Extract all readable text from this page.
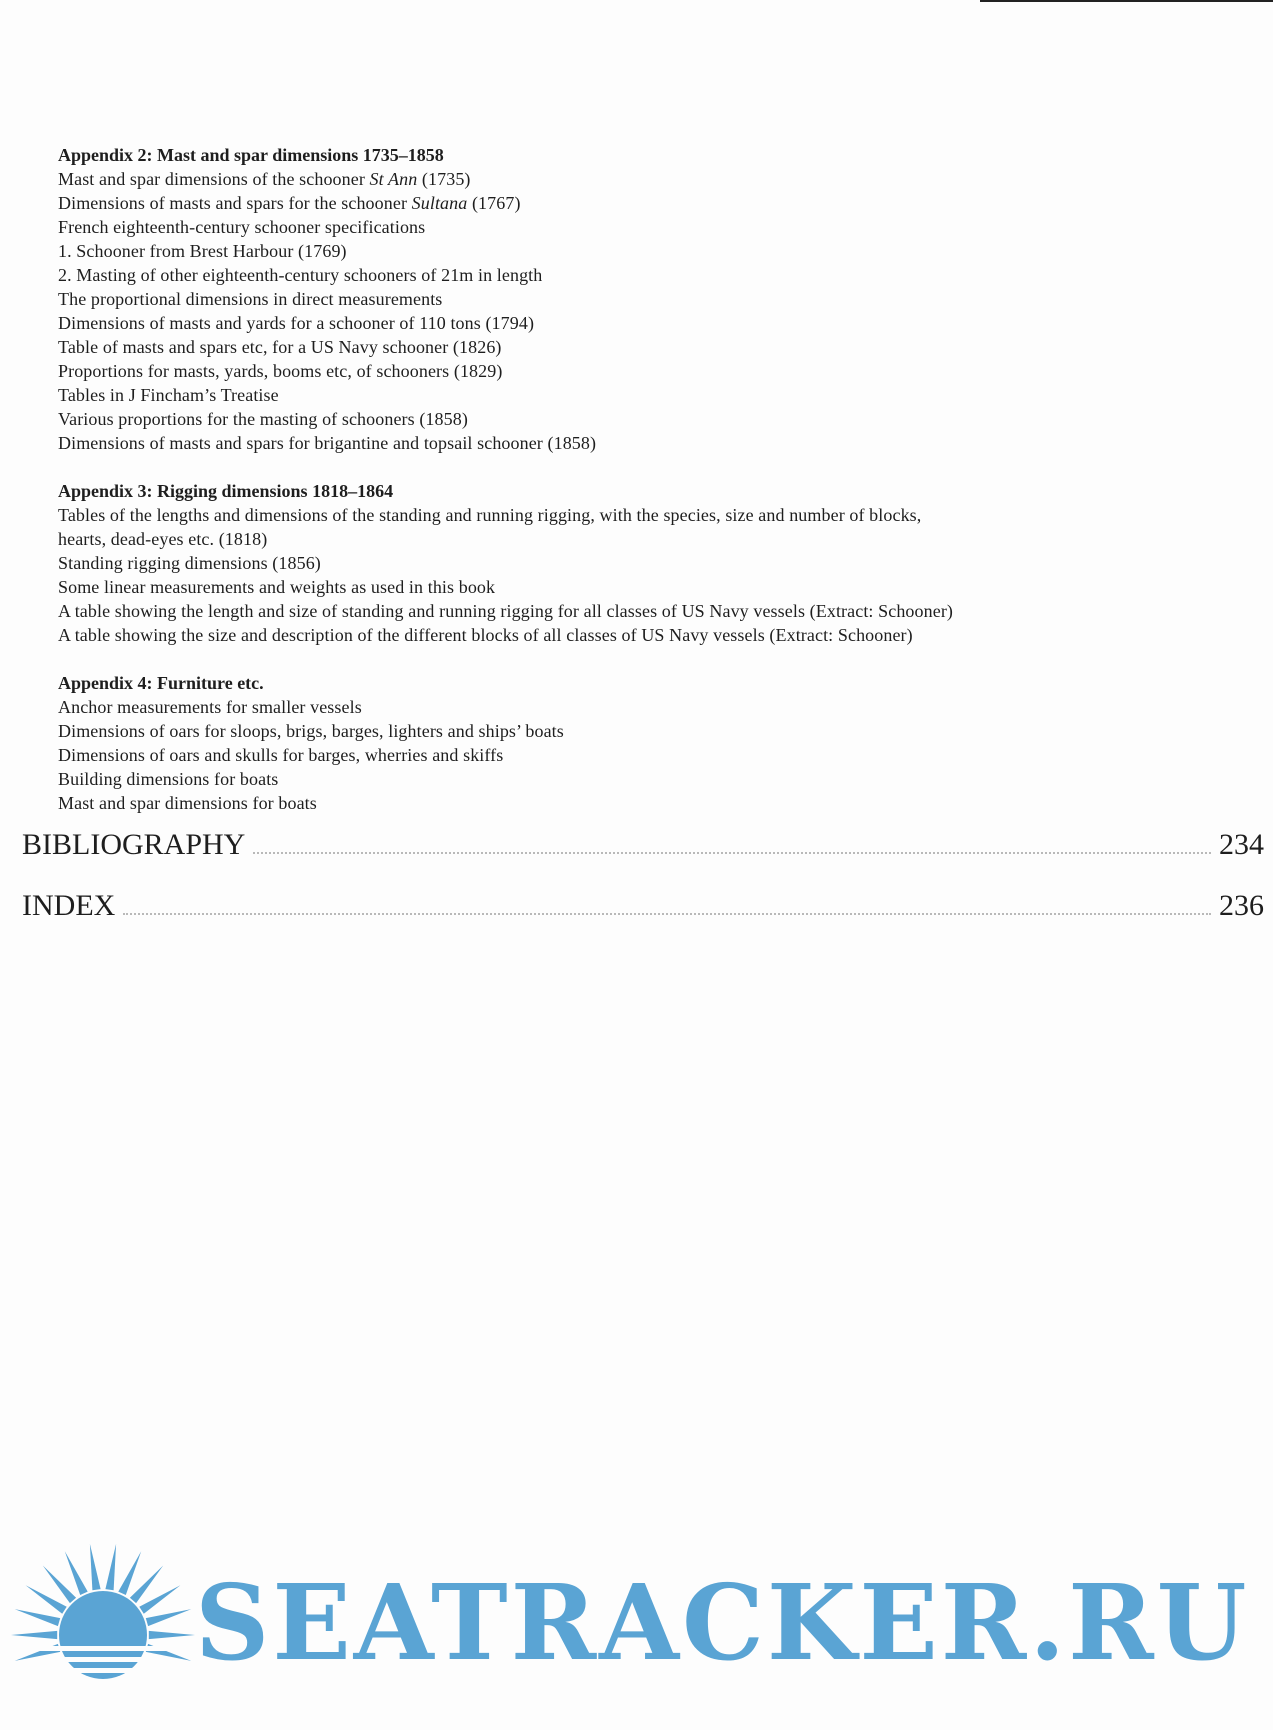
Appendix 2: Mast and spar dimensions 1735–1858
Mast and spar dimensions of the schooner St Ann (1735)
Dimensions of masts and spars for the schooner Sultana (1767)
French eighteenth-century schooner specifications
1. Schooner from Brest Harbour (1769)
2. Masting of other eighteenth-century schooners of 21m in length
The proportional dimensions in direct measurements
Dimensions of masts and yards for a schooner of 110 tons (1794)
Table of masts and spars etc, for a US Navy schooner (1826)
Proportions for masts, yards, booms etc, of schooners (1829)
Tables in J Fincham’s Treatise
Various proportions for the masting of schooners (1858)
Dimensions of masts and spars for brigantine and topsail schooner (1858)
Appendix 3: Rigging dimensions 1818–1864
Tables of the lengths and dimensions of the standing and running rigging, with the species, size and number of blocks,
hearts, dead-eyes etc. (1818)
Standing rigging dimensions (1856)
Some linear measurements and weights as used in this book
A table showing the length and size of standing and running rigging for all classes of US Navy vessels (Extract: Schooner)
A table showing the size and description of the different blocks of all classes of US Navy vessels (Extract: Schooner)
Appendix 4: Furniture etc.
Anchor measurements for smaller vessels
Dimensions of oars for sloops, brigs, barges, lighters and ships’ boats
Dimensions of oars and skulls for barges, wherries and skiffs
Building dimensions for boats
Mast and spar dimensions for boats
BIBLIOGRAPHY	234
INDEX	236
SEATRACKER.RU
